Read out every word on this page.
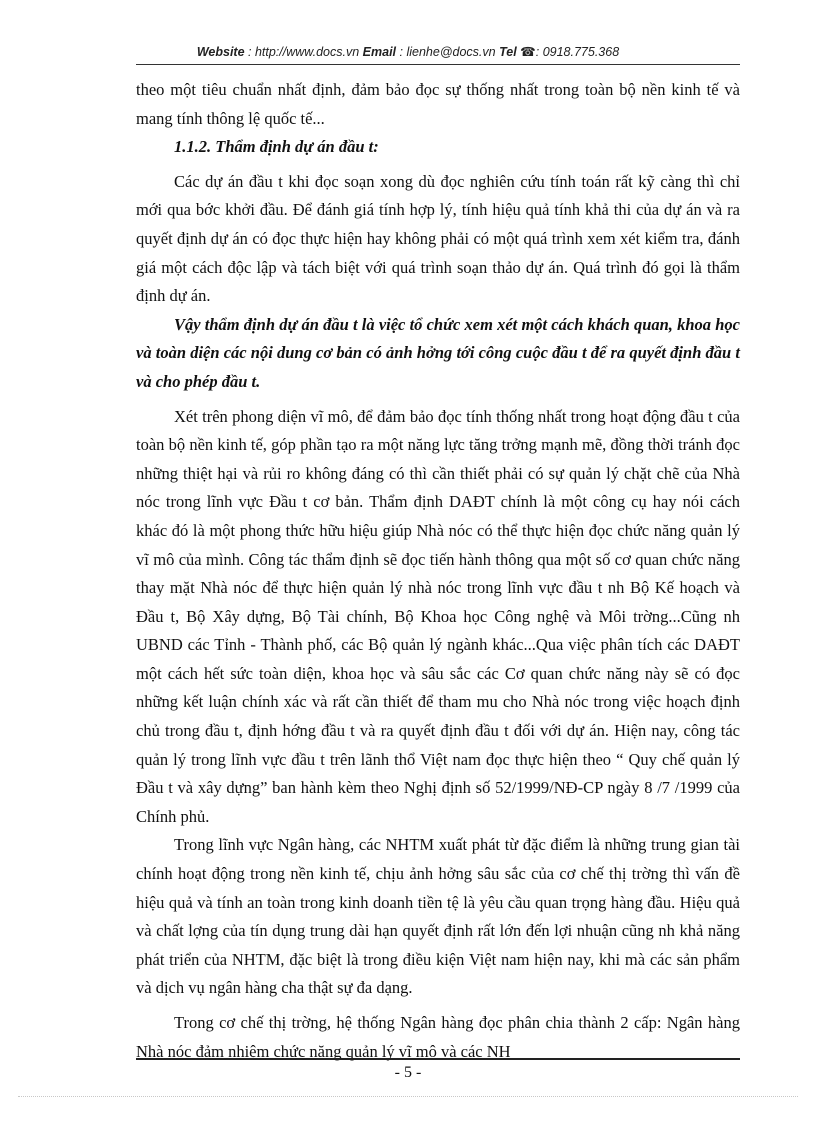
Website : http://www.docs.vn Email : lienhe@docs.vn Tel ☎: 0918.775.368

theo một tiêu chuẩn nhất định, đảm bảo đọc sự thống nhất trong toàn bộ nền kinh tế và mang tính thông lệ quốc tế...

1.1.2. Thẩm định dự án đầu t:

Các dự án đầu t khi đọc soạn xong dù đọc nghiên cứu tính toán rất kỹ càng thì chỉ mới qua bớc khởi đầu. Để đánh giá tính hợp lý, tính hiệu quả tính khả thi của dự án và ra quyết định dự án có đọc thực hiện hay không phải có một quá trình xem xét kiểm tra, đánh giá một cách độc lập và tách biệt với quá trình soạn thảo dự án. Quá trình đó gọi là thẩm định dự án.

Vậy thẩm định dự án đầu t là việc tổ chức xem xét một cách khách quan, khoa học và toàn diện các nội dung cơ bản có ảnh hởng tới công cuộc đầu t để ra quyết định đầu t và cho phép đầu t.

Xét trên phong diện vĩ mô, để đảm bảo đọc tính thống nhất trong hoạt động đầu t của toàn bộ nền kinh tế, góp phần tạo ra một năng lực tăng trởng mạnh mẽ, đồng thời tránh đọc những thiệt hại và rủi ro không đáng có thì cần thiết phải có sự quản lý chặt chẽ của Nhà nóc trong lĩnh vực Đầu t cơ bản. Thẩm định DAĐT chính là một công cụ hay nói cách khác đó là một phong thức hữu hiệu giúp Nhà nóc có thể thực hiện đọc chức năng quản lý vĩ mô của mình. Công tác thẩm định sẽ đọc tiến hành thông qua một số cơ quan chức năng thay mặt Nhà nóc để thực hiện quản lý nhà nóc trong lĩnh vực đầu t nh Bộ Kế hoạch và Đầu t, Bộ Xây dựng, Bộ Tài chính, Bộ Khoa học Công nghệ và Môi trờng...Cũng nh UBND các Tỉnh - Thành phố, các Bộ quản lý ngành khác...Qua việc phân tích các DAĐT một cách hết sức toàn diện, khoa học và sâu sắc các Cơ quan chức năng này sẽ có đọc những kết luận chính xác và rất cần thiết để tham mu cho Nhà nóc trong việc hoạch định chủ trong đầu t, định hớng đầu t và ra quyết định đầu t đối với dự án. Hiện nay, công tác quản lý trong lĩnh vực đầu t trên lãnh thổ Việt nam đọc thực hiện theo “ Quy chế quản lý Đầu t và xây dựng” ban hành kèm theo Nghị định số 52/1999/NĐ-CP ngày 8 /7 /1999 của Chính phủ.

Trong lĩnh vực Ngân hàng, các NHTM xuất phát từ đặc điểm là những trung gian tài chính hoạt động trong nền kinh tế, chịu ảnh hởng sâu sắc của cơ chế thị trờng thì vấn đề hiệu quả và tính an toàn trong kinh doanh tiền tệ là yêu cầu quan trọng hàng đầu. Hiệu quả và chất lợng của tín dụng trung dài hạn quyết định rất lớn đến lợi nhuận cũng nh khả năng phát triển của NHTM, đặc biệt là trong điều kiện Việt nam hiện nay, khi mà các sản phẩm và dịch vụ ngân hàng cha thật sự đa dạng.

Trong cơ chế thị trờng, hệ thống Ngân hàng đọc phân chia thành 2 cấp: Ngân hàng Nhà nóc đảm nhiệm chức năng quản lý vĩ mô và các NH

- 5 -
